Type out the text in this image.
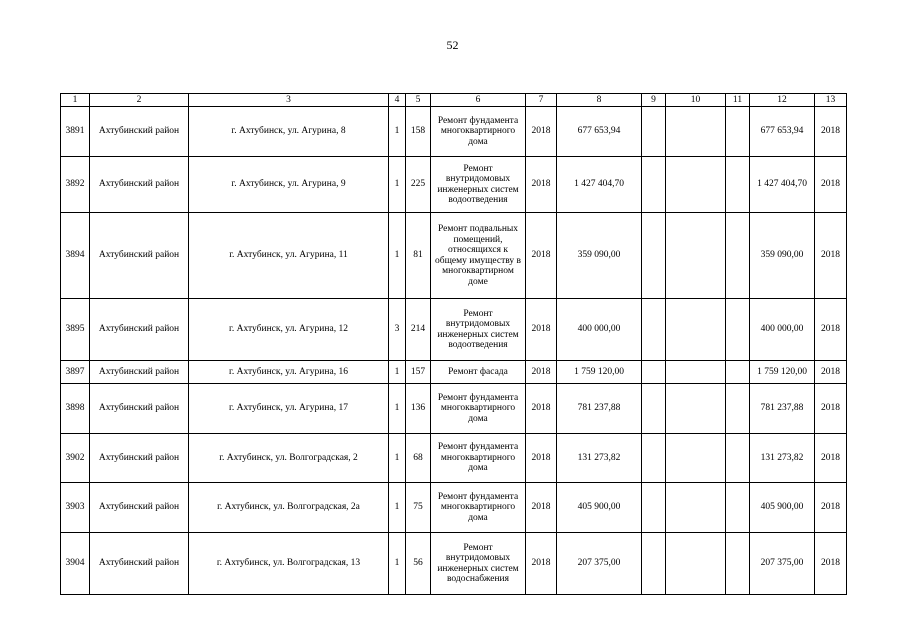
52
1	2	3	4	5	6	7	8	9	10	11	12	13
3891	Ахтубинский район	г. Ахтубинск, ул. Агурина, 8	1	158	Ремонт фундамента многоквартирного дома	2018	677 653,94				677 653,94	2018
3892	Ахтубинский район	г. Ахтубинск, ул. Агурина, 9	1	225	Ремонт внутридомовых инженерных систем водоотведения	2018	1 427 404,70				1 427 404,70	2018
3894	Ахтубинский район	г. Ахтубинск, ул. Агурина, 11	1	81	Ремонт подвальных помещений, относящихся к общему имуществу в многоквартирном доме	2018	359 090,00				359 090,00	2018
3895	Ахтубинский район	г. Ахтубинск, ул. Агурина, 12	3	214	Ремонт внутридомовых инженерных систем водоотведения	2018	400 000,00				400 000,00	2018
3897	Ахтубинский район	г. Ахтубинск, ул. Агурина, 16	1	157	Ремонт фасада	2018	1 759 120,00				1 759 120,00	2018
3898	Ахтубинский район	г. Ахтубинск, ул. Агурина, 17	1	136	Ремонт фундамента многоквартирного дома	2018	781 237,88				781 237,88	2018
3902	Ахтубинский район	г. Ахтубинск, ул. Волгоградская, 2	1	68	Ремонт фундамента многоквартирного дома	2018	131 273,82				131 273,82	2018
3903	Ахтубинский район	г. Ахтубинск, ул. Волгоградская, 2а	1	75	Ремонт фундамента многоквартирного дома	2018	405 900,00				405 900,00	2018
3904	Ахтубинский район	г. Ахтубинск, ул. Волгоградская, 13	1	56	Ремонт внутридомовых инженерных систем водоснабжения	2018	207 375,00				207 375,00	2018
